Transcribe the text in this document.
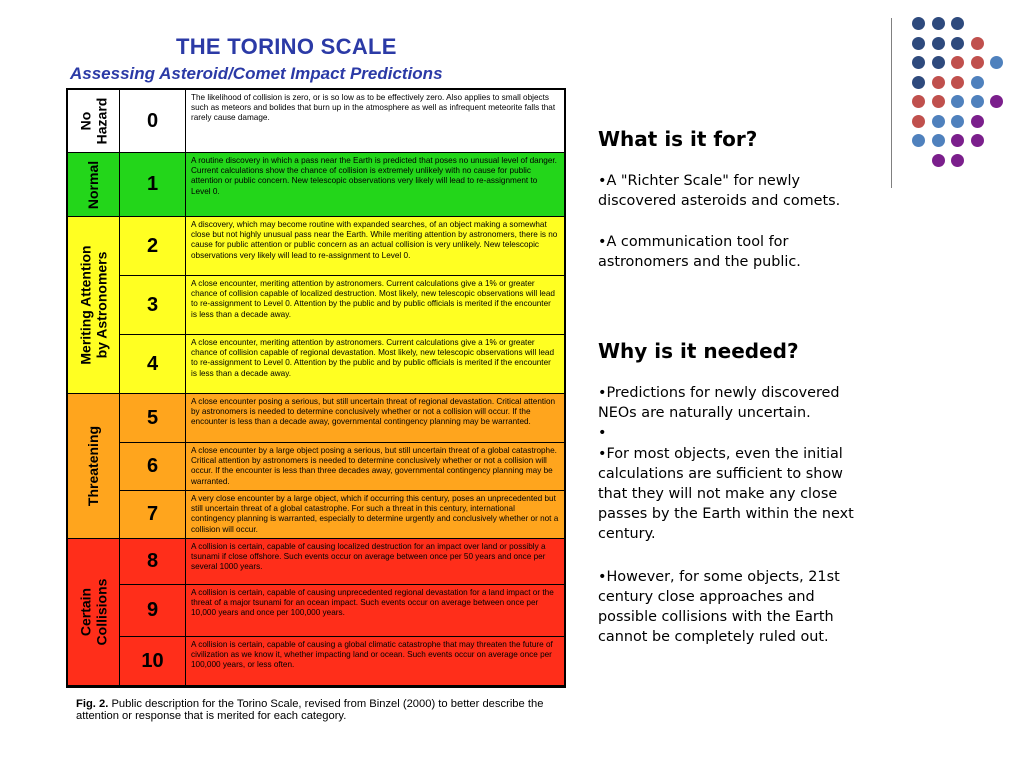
THE TORINO SCALE
Assessing Asteroid/Comet Impact Predictions
No Hazard	0
The likelihood of collision is zero, or is so low as to be effectively zero. Also applies to small objects such as meteors and bolides that burn up in the atmosphere as well as infrequent meteorite falls that rarely cause damage.
Normal	1
A routine discovery in which a pass near the Earth is predicted that poses no unusual level of danger. Current calculations show the chance of collision is extremely unlikely with no cause for public attention or public concern. New telescopic observations very likely will lead to re-assignment to Level 0.
Meriting Attention by Astronomers
2
A discovery, which may become routine with expanded searches, of an object making a somewhat close but not highly unusual pass near the Earth. While meriting attention by astronomers, there is no cause for public attention or public concern as an actual collision is very unlikely. New telescopic observations very likely will lead to re-assignment to Level 0.
3
A close encounter, meriting attention by astronomers. Current calculations give a 1% or greater chance of collision capable of localized destruction. Most likely, new telescopic observations will lead to re-assignment to Level 0. Attention by the public and by public officials is merited if the encounter is less than a decade away.
4
A close encounter, meriting attention by astronomers. Current calculations give a 1% or greater chance of collision capable of regional devastation. Most likely, new telescopic observations will lead to re-assignment to Level 0. Attention by the public and by public officials is merited if the encounter is less than a decade away.
Threatening
5
A close encounter posing a serious, but still uncertain threat of regional devastation. Critical attention by astronomers is needed to determine conclusively whether or not a collision will occur. If the encounter is less than a decade away, governmental contingency planning may be warranted.
6
A close encounter by a large object posing a serious, but still uncertain threat of a global catastrophe. Critical attention by astronomers is needed to determine conclusively whether or not a collision will occur. If the encounter is less than three decades away, governmental contingency planning may be warranted.
7
A very close encounter by a large object, which if occurring this century, poses an unprecedented but still uncertain threat of a global catastrophe. For such a threat in this century, international contingency planning is warranted, especially to determine urgently and conclusively whether or not a collision will occur.
Certain Collisions
8
A collision is certain, capable of causing localized destruction for an impact over land or possibly a tsunami if close offshore. Such events occur on average between once per 50 years and once per several 1000 years.
9
A collision is certain, capable of causing unprecedented regional devastation for a land impact or the threat of a major tsunami for an ocean impact. Such events occur on average between once per 10,000 years and once per 100,000 years.
10
A collision is certain, capable of causing a global climatic catastrophe that may threaten the future of civilization as we know it, whether impacting land or ocean. Such events occur on average once per 100,000 years, or less often.
Fig. 2. Public description for the Torino Scale, revised from Binzel (2000) to better describe the attention or response that is merited for each category.
What is it for?
•A "Richter Scale" for newly discovered asteroids and comets.
•A communication tool for astronomers and the public.
Why is it needed?
•Predictions for newly discovered NEOs are naturally uncertain.
•
•For most objects, even the initial calculations are sufficient to show that they will not make any close passes by the Earth within the next century.
•However, for some objects, 21st century close approaches and possible collisions with the Earth cannot be completely ruled out.
